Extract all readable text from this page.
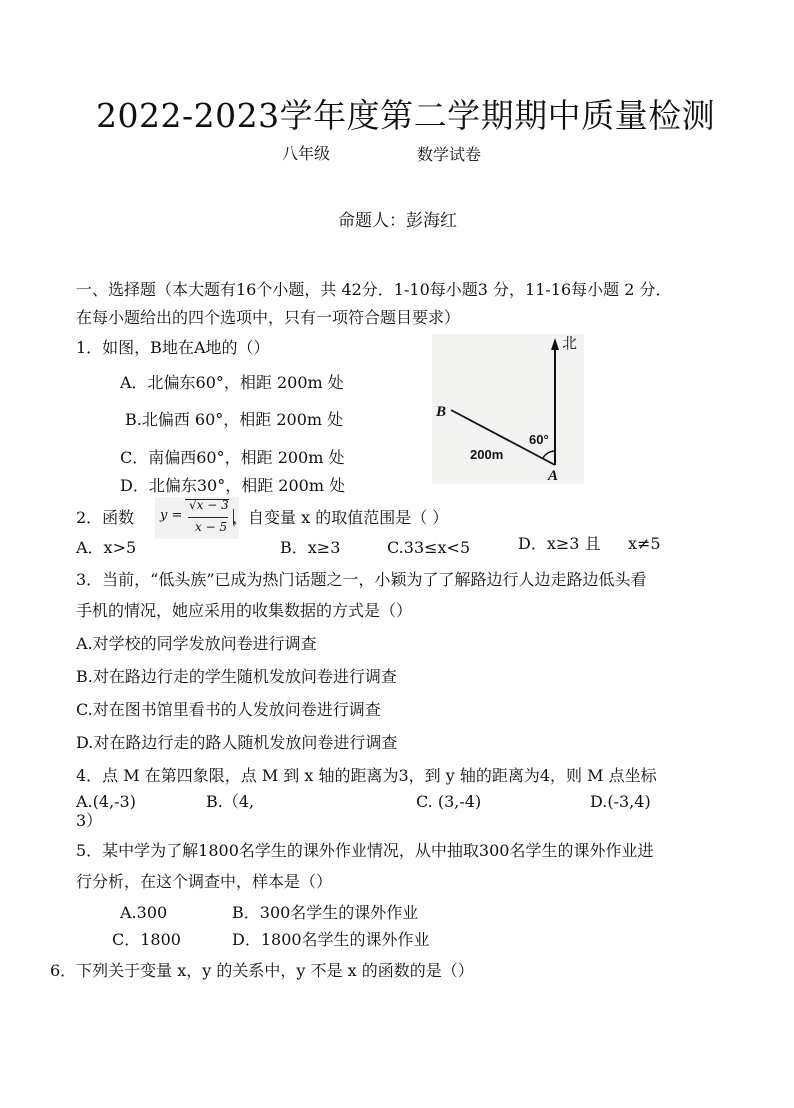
2022-2023学年度第二学期期中质量检测
八年级	数学试卷
命题人：彭海红
一、选择题（本大题有16个小题，共 42分．1-10每小题3 分，11-16每小题 2 分．
在每小题给出的四个选项中，只有一项符合题目要求）
1．如图，B地在A地的（）
A．北偏东60°，相距 200m 处
B.北偏西 60°，相距 200m 处
C．南偏西60°，相距 200m 处
D．北偏东30°，相距 200m 处
北
B
A
60°
200m
2．函数 y =
√x − 3
x − 5 ，自变量 x 的取值范围是（ ）
A．x>5	B．x≥3	C.33≤x<5	D．x≥3 且 x≠5
3．当前，“低头族”已成为热门话题之一，小颖为了了解路边行人边走路边低头看
手机的情况，她应采用的收集数据的方式是（）
A.对学校的同学发放问卷进行调查
B.对在路边行走的学生随机发放问卷进行调查
C.对在图书馆里看书的人发放问卷进行调查
D.对在路边行走的路人随机发放问卷进行调查
4．点 M 在第四象限，点 M 到 x 轴的距离为3，到 y 轴的距离为4，则 M 点坐标
A.(4,-3)	B.（4,	C. (3,-4)	D.(-3,4)
3）
5．某中学为了解1800名学生的课外作业情况，从中抽取300名学生的课外作业进
行分析，在这个调查中，样本是（）
A.300	B．300名学生的课外作业
C．1800	D．1800名学生的课外作业
6．下列关于变量 x，y 的关系中，y 不是 x 的函数的是（）
